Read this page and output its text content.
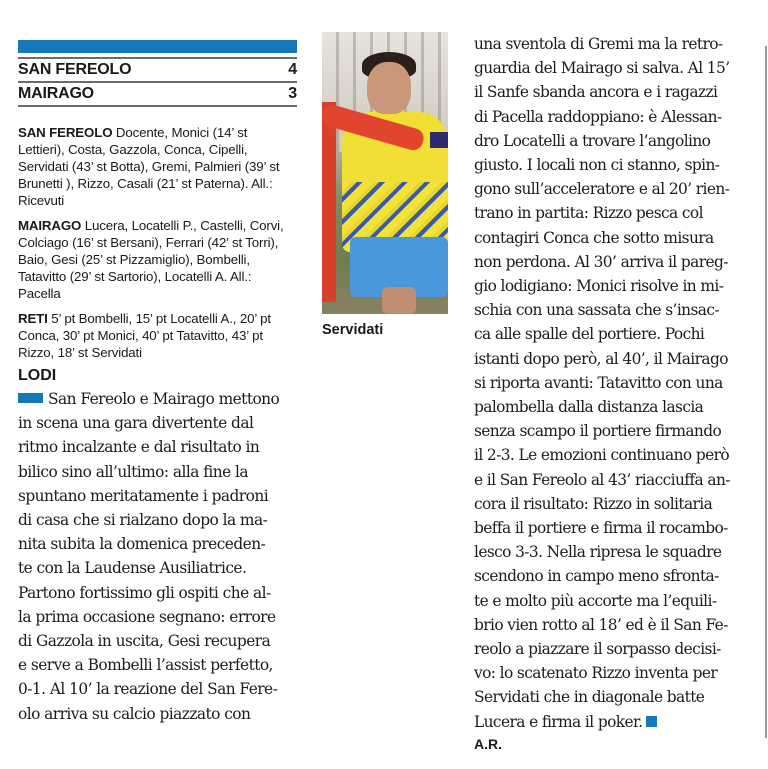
SAN FEREOLO	4
MAIRAGO	3

SAN FEREOLO Docente, Monici (14’ st Lettieri), Costa, Gazzola, Conca, Cipelli, Servidati (43’ st Botta), Gremi, Palmieri (39’ st Brunetti ), Rizzo, Casali (21’ st Paterna). All.: Ricevuti

MAIRAGO Lucera, Locatelli P., Castelli, Corvi, Colciago (16’ st Bersani), Ferrari (42’ st Torri), Baio, Gesi (25’ st Pizzamiglio), Bombelli, Tatavitto (29’ st Sartorio), Locatelli A. All.: Pacella

RETI 5’ pt Bombelli, 15’ pt Locatelli A., 20’ pt Conca, 30’ pt Monici, 40’ pt Tatavitto, 43’ pt Rizzo, 18’ st Servidati

LODI
San Fereolo e Mairago mettono
in scena una gara divertente dal
ritmo incalzante e dal risultato in
bilico sino all’ultimo: alla fine la
spuntano meritatamente i padroni
di casa che si rialzano dopo la ma-
nita subita la domenica preceden-
te con la Laudense Ausiliatrice.
Partono fortissimo gli ospiti che al-
la prima occasione segnano: errore
di Gazzola in uscita, Gesi recupera
e serve a Bombelli l’assist perfetto,
0-1. Al 10’ la reazione del San Fere-
olo arriva su calcio piazzato con
Servidati
una sventola di Gremi ma la retro-
guardia del Mairago si salva. Al 15’
il Sanfe sbanda ancora e i ragazzi
di Pacella raddoppiano: è Alessan-
dro Locatelli a trovare l’angolino
giusto. I locali non ci stanno, spin-
gono sull’acceleratore e al 20’ rien-
trano in partita: Rizzo pesca col
contagiri Conca che sotto misura
non perdona. Al 30’ arriva il pareg-
gio lodigiano: Monici risolve in mi-
schia con una sassata che s’insac-
ca alle spalle del portiere. Pochi
istanti dopo però, al 40’, il Mairago
si riporta avanti: Tatavitto con una
palombella dalla distanza lascia
senza scampo il portiere firmando
il 2-3. Le emozioni continuano però
e il San Fereolo al 43’ riacciuffa an-
cora il risultato: Rizzo in solitaria
beffa il portiere e firma il rocambo-
lesco 3-3. Nella ripresa le squadre
scendono in campo meno sfronta-
te e molto più accorte ma l’equili-
brio vien rotto al 18’ ed è il San Fe-
reolo a piazzare il sorpasso decisi-
vo: lo scatenato Rizzo inventa per
Servidati che in diagonale batte
Lucera e firma il poker.
A.R.
